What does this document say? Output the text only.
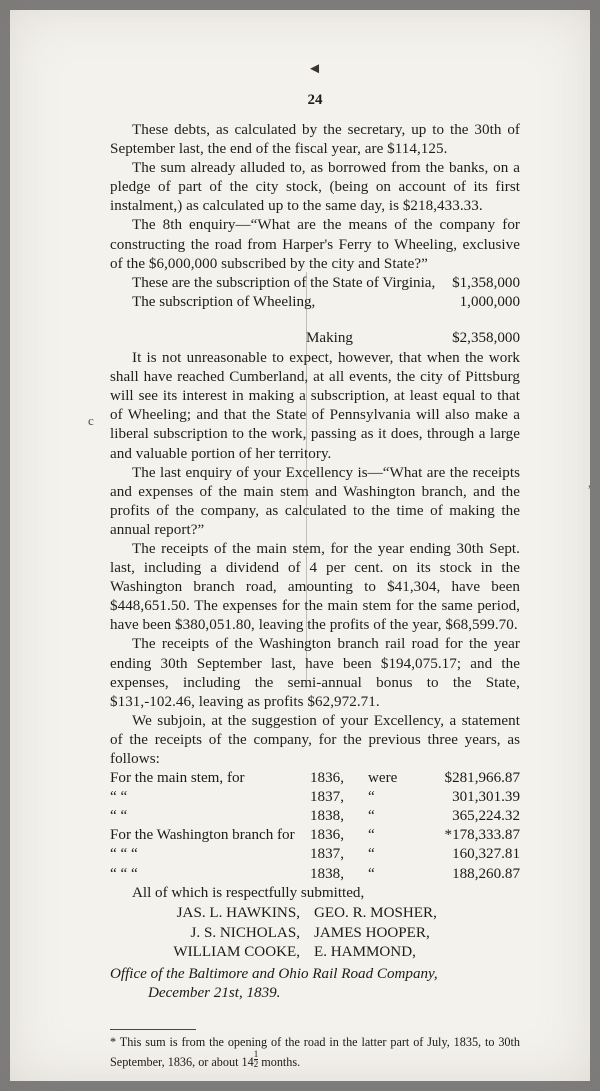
◄
24

These debts, as calculated by the secretary, up to the 30th of September last, the end of the fiscal year, are $114,125.

The sum already alluded to, as borrowed from the banks, on a pledge of part of the city stock, (being on account of its first instalment,) as calculated up to the same day, is $218,433.33.

The 8th enquiry—“What are the means of the company for constructing the road from Harper's Ferry to Wheeling, exclusive of the $6,000,000 subscribed by the city and State?”

These are the subscription of the State of Virginia, $1,358,000
The subscription of Wheeling,	1,000,000
Making	$2,358,000

It is not unreasonable to expect, however, that when the work shall have reached Cumberland, at all events, the city of Pittsburg will see its interest in making a subscription, at least equal to that of Wheeling; and that the State of Pennsylvania will also make a liberal subscription to the work, passing as it does, through a large and valuable portion of her territory.

The last enquiry of your Excellency is—“What are the receipts and expenses of the main stem and Washington branch, and the profits of the company, as calculated to the time of making the annual report?”

The receipts of the main stem, for the year ending 30th Sept. last, including a dividend of 4 per cent. on its stock in the Washington branch road, amounting to $41,304, have been $448,651.50. The expenses for the main stem for the same period, have been $380,051.80, leaving the profits of the year, $68,599.70.

The receipts of the Washington branch rail road for the year ending 30th September last, have been $194,075.17; and the expenses, including the semi-annual bonus to the State, $131,-102.46, leaving as profits $62,972.71.

We subjoin, at the suggestion of your Excellency, a statement of the receipts of the company, for the previous three years, as follows:

For the main stem, for	1836,	were	$281,966.87
“ “	1837,	“	301,301.39
“ “	1838,	“	365,224.32
For the Washington branch for	1836,	“	*178,333.87
“ “ “	1837,	“	160,327.81
“ “ “	1838,	“	188,260.87
All of which is respectfully submitted,
JAS. L. HAWKINS,	GEO. R. MOSHER,
J. S. NICHOLAS,	JAMES HOOPER,
WILLIAM COOKE,	E. HAMMOND,
Office of the Baltimore and Ohio Rail Road Company,
December 21st, 1839.

* This sum is from the opening of the road in the latter part of July, 1835, to 30th September, 1836, or about $14 \frac{1}{2}$ months.

c
,
